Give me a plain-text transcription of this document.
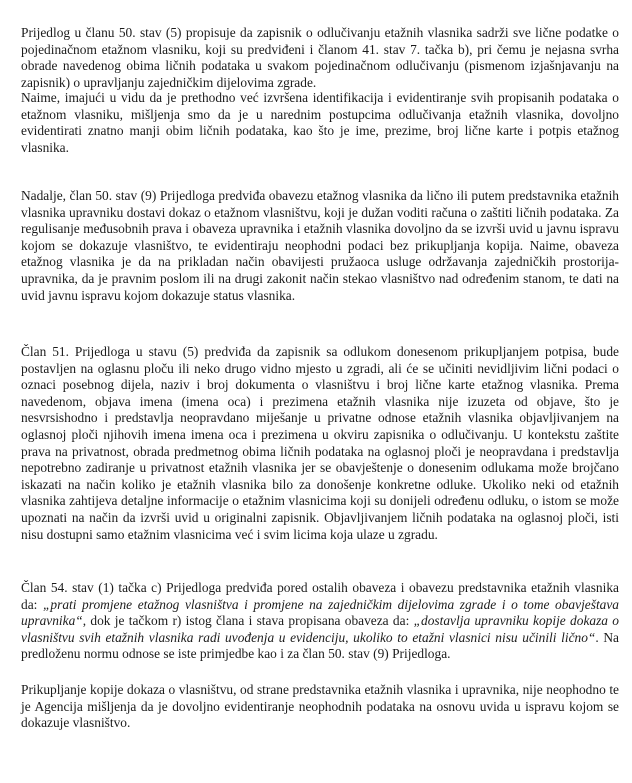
Prijedlog u članu 50. stav (5) propisuje da zapisnik o odlučivanju etažnih vlasnika sadrži sve lične podatke o pojedinačnom etažnom vlasniku, koji su predviđeni i članom 41. stav 7. tačka b), pri čemu je nejasna svrha obrade navedenog obima ličnih podataka u svakom pojedinačnom odlučivanju (pismenom izjašnjavanju na zapisnik) o upravljanju zajedničkim dijelovima zgrade.

Naime, imajući u vidu da je prethodno već izvršena identifikacija i evidentiranje svih propisanih podataka o etažnom vlasniku, mišljenja smo da je u narednim postupcima odlučivanja etažnih vlasnika, dovoljno evidentirati znatno manji obim ličnih podataka, kao što je ime, prezime, broj lične karte i potpis etažnog vlasnika.

Nadalje, član 50. stav (9) Prijedloga predviđa obavezu etažnog vlasnika da lično ili putem predstavnika etažnih vlasnika upravniku dostavi dokaz o etažnom vlasništvu, koji je dužan voditi računa o zaštiti ličnih podataka. Za regulisanje međusobnih prava i obaveza upravnika i etažnih vlasnika dovoljno da se izvrši uvid u javnu ispravu kojom se dokazuje vlasništvo, te evidentiraju neophodni podaci bez prikupljanja kopija. Naime, obaveza etažnog vlasnika je da na prikladan način obavijesti pružaoca usluge održavanja zajedničkih prostorija-upravnika, da je pravnim poslom ili na drugi zakonit način stekao vlasništvo nad određenim stanom, te dati na uvid javnu ispravu kojom dokazuje status vlasnika.

Član 51. Prijedloga u stavu (5) predviđa da zapisnik sa odlukom donesenom prikupljanjem potpisa, bude postavljen na oglasnu ploču ili neko drugo vidno mjesto u zgradi, ali će se učiniti nevidljivim lični podaci o oznaci posebnog dijela, naziv i broj dokumenta o vlasništvu i broj lične karte etažnog vlasnika. Prema navedenom, objava imena (imena oca) i prezimena etažnih vlasnika nije izuzeta od objave, što je nesvrsishodno i predstavlja neopravdano miješanje u privatne odnose etažnih vlasnika objavljivanjem na oglasnoj ploči njihovih imena imena oca i prezimena u okviru zapisnika o odlučivanju. U kontekstu zaštite prava na privatnost, obrada predmetnog obima ličnih podataka na oglasnoj ploči je neopravdana i predstavlja nepotrebno zadiranje u privatnost etažnih vlasnika jer se obavještenje o donesenim odlukama može brojčano iskazati na način koliko je etažnih vlasnika bilo za donošenje konkretne odluke. Ukoliko neki od etažnih vlasnika zahtijeva detaljne informacije o etažnim vlasnicima koji su donijeli određenu odluku, o istom se može upoznati na način da izvrši uvid u originalni zapisnik. Objavljivanjem ličnih podataka na oglasnoj ploči, isti nisu dostupni samo etažnim vlasnicima već i svim licima koja ulaze u zgradu.

Član 54. stav (1) tačka c) Prijedloga predviđa pored ostalih obaveza i obavezu predstavnika etažnih vlasnika da: „prati promjene etažnog vlasništva i promjene na zajedničkim dijelovima zgrade i o tome obavještava upravnika“, dok je tačkom r) istog člana i stava propisana obaveza da: „dostavlja upravniku kopije dokaza o vlasništvu svih etažnih vlasnika radi uvođenja u evidenciju, ukoliko to etažni vlasnici nisu učinili lično“. Na predloženu normu odnose se iste primjedbe kao i za član 50. stav (9) Prijedloga.

Prikupljanje kopije dokaza o vlasništvu, od strane predstavnika etažnih vlasnika i upravnika, nije neophodno te je Agencija mišljenja da je dovoljno evidentiranje neophodnih podataka na osnovu uvida u ispravu kojom se dokazuje vlasništvo.
